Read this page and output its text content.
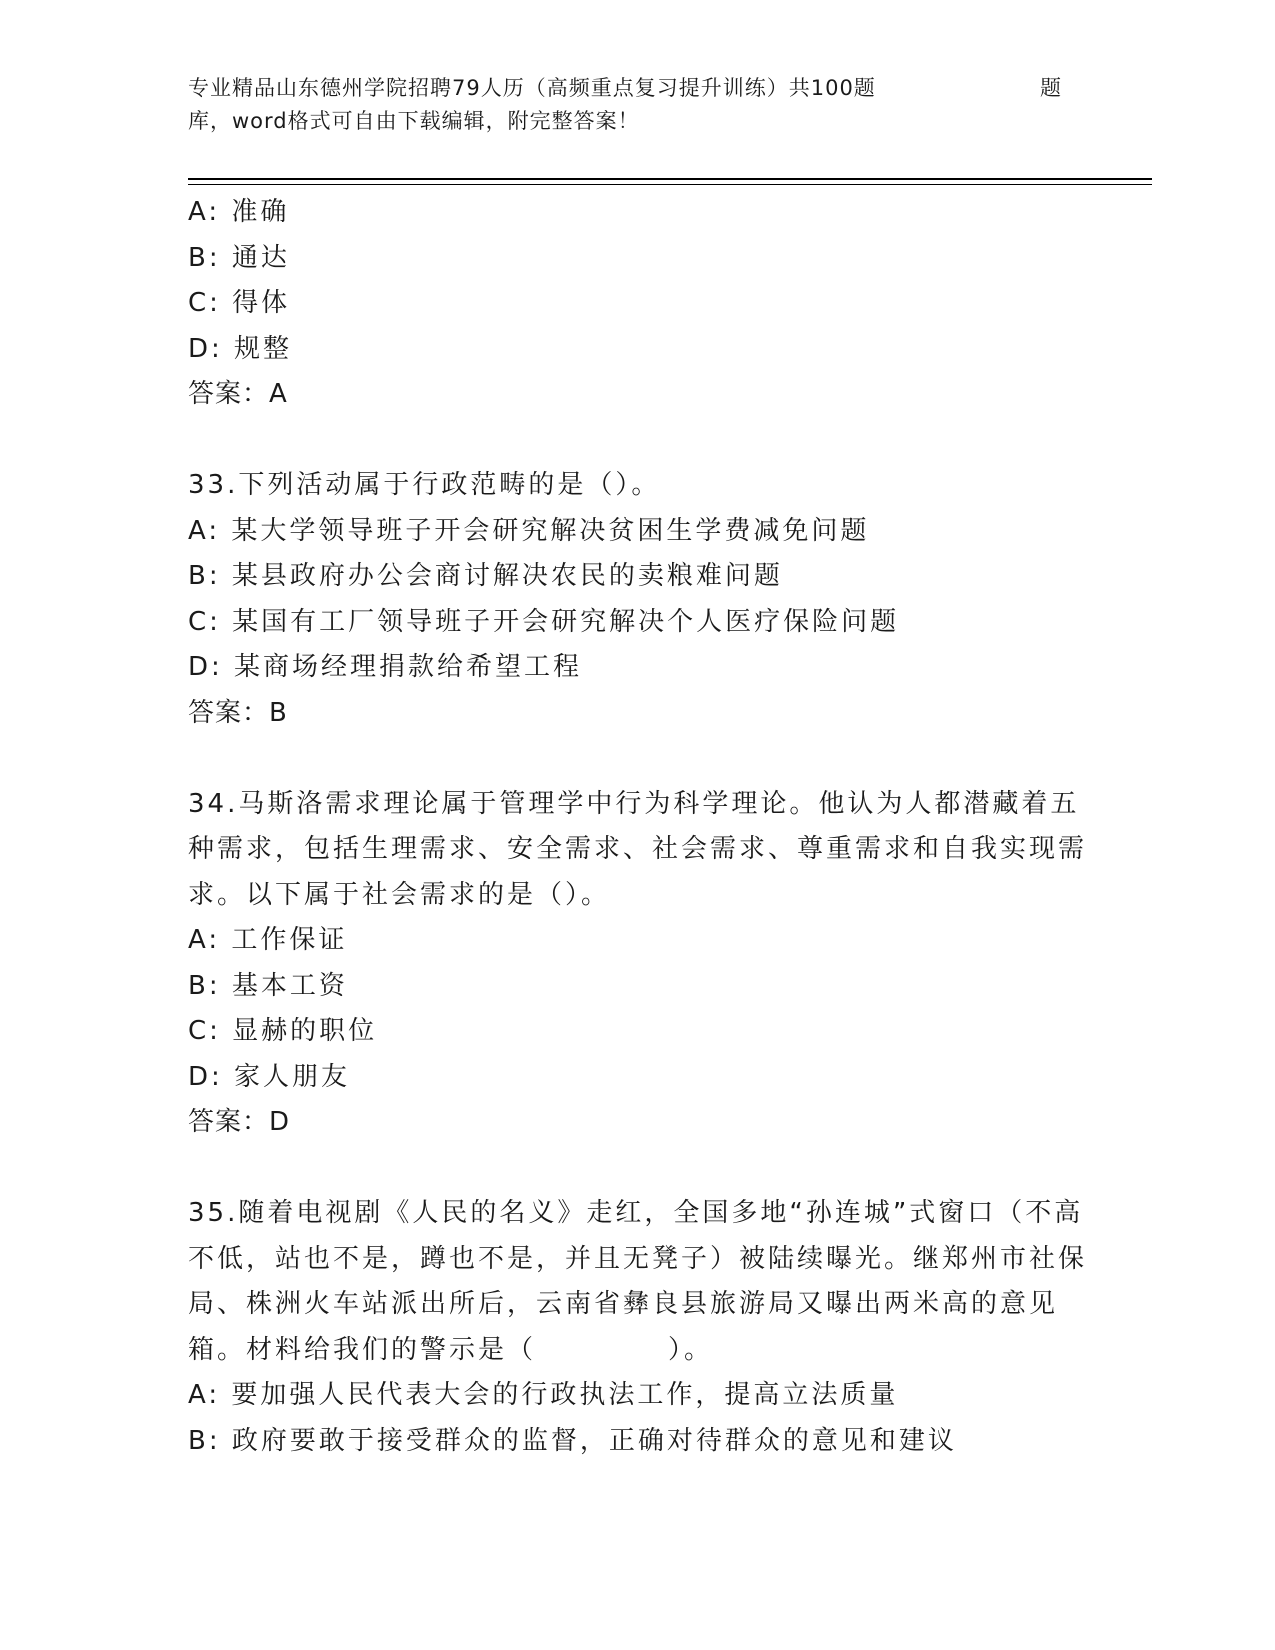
专业精品山东德州学院招聘79人历（高频重点复习提升训练）共100题	题
库，word格式可自由下载编辑，附完整答案！
A: 准确
B: 通达
C: 得体
D: 规整
答案：A
33.下列活动属于行政范畴的是（）。
A: 某大学领导班子开会研究解决贫困生学费减免问题
B: 某县政府办公会商讨解决农民的卖粮难问题
C: 某国有工厂领导班子开会研究解决个人医疗保险问题
D: 某商场经理捐款给希望工程
答案：B
34.马斯洛需求理论属于管理学中行为科学理论。他认为人都潜藏着五种需求，包括生理需求、安全需求、社会需求、尊重需求和自我实现需求。以下属于社会需求的是（）。
A: 工作保证
B: 基本工资
C: 显赫的职位
D: 家人朋友
答案：D
35.随着电视剧《人民的名义》走红，全国多地“孙连城”式窗口（不高不低，站也不是，蹲也不是，并且无凳子）被陆续曝光。继郑州市社保局、株洲火车站派出所后，云南省彝良县旅游局又曝出两米高的意见箱。材料给我们的警示是（	）。
A: 要加强人民代表大会的行政执法工作，提高立法质量
B: 政府要敢于接受群众的监督，正确对待群众的意见和建议
